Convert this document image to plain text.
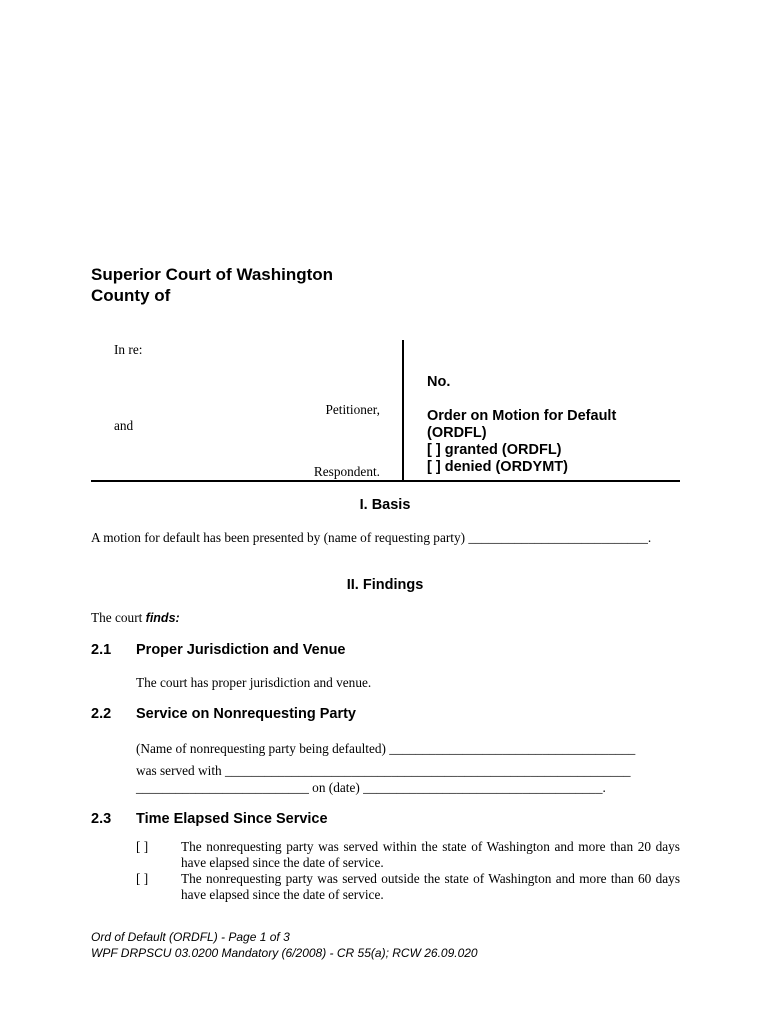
Superior Court of Washington
County of
In re:
Petitioner,
and
Respondent.
No.
Order on Motion for Default
(ORDFL)
[ ] granted (ORDFL)
[ ] denied (ORDYMT)
I. Basis
A motion for default has been presented by (name of requesting party) ___________________________.
II. Findings
The court finds:
2.1 Proper Jurisdiction and Venue
The court has proper jurisdiction and venue.
2.2 Service on Nonrequesting Party
(Name of nonrequesting party being defaulted) _____________________________________
was served with _____________________________________________________________
__________________________ on (date) ____________________________________.
2.3 Time Elapsed Since Service
[ ] The nonrequesting party was served within the state of Washington and more than 20 days have elapsed since the date of service.
[ ] The nonrequesting party was served outside the state of Washington and more than 60 days have elapsed since the date of service.
Ord of Default (ORDFL) - Page 1 of 3
WPF DRPSCU 03.0200 Mandatory (6/2008) - CR 55(a); RCW 26.09.020
